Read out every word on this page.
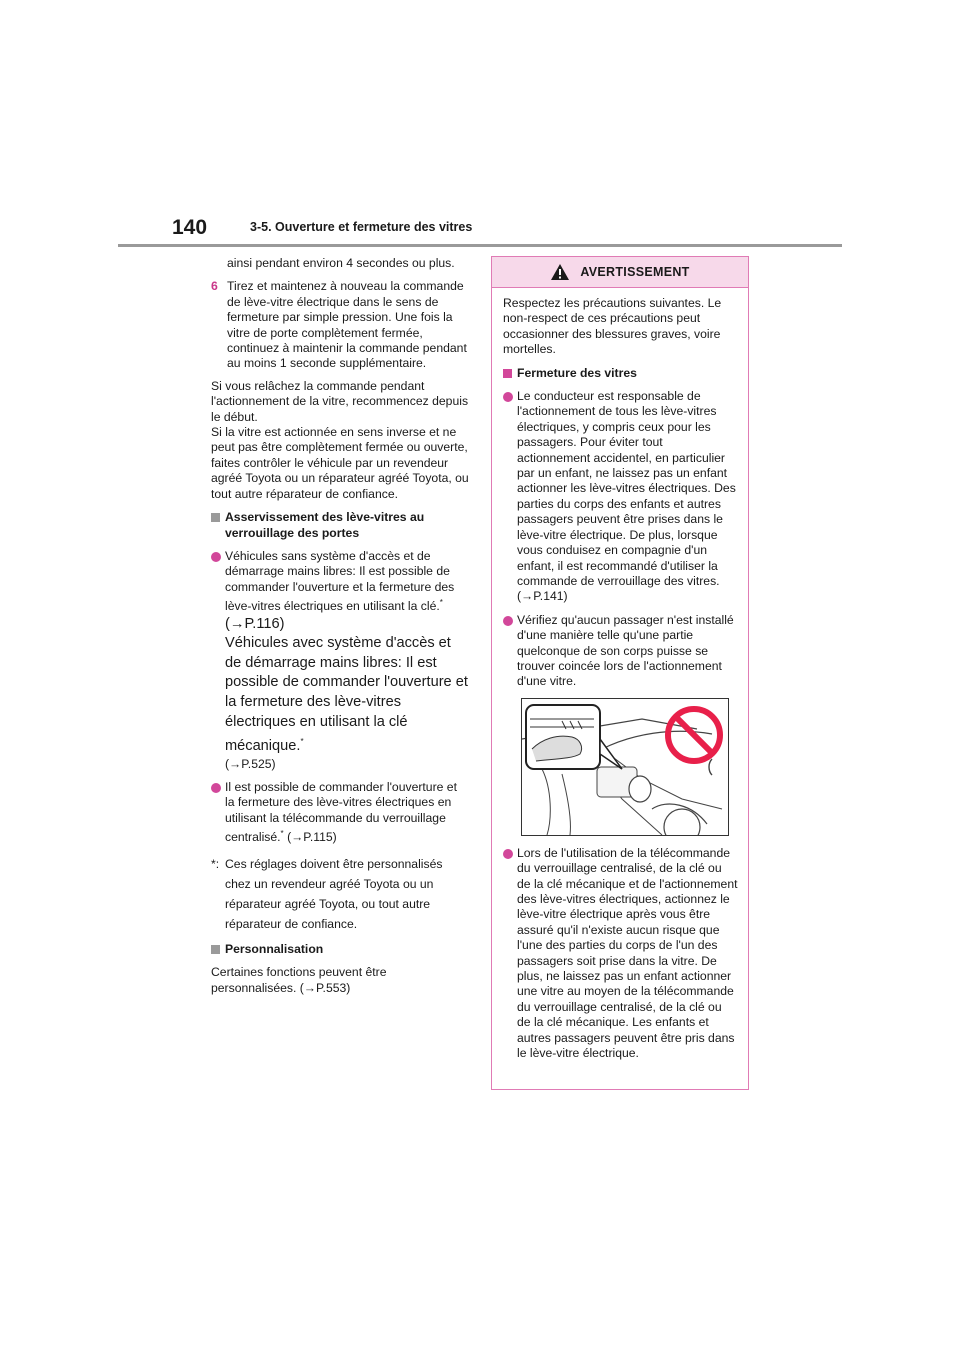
140	3-5. Ouverture et fermeture des vitres

ainsi pendant environ 4 secondes ou plus.

6 Tirez et maintenez à nouveau la commande de lève-vitre électrique dans le sens de fermeture par simple pression. Une fois la vitre de porte complètement fermée, continuez à maintenir la commande pendant au moins 1 seconde supplémentaire.
Si vous relâchez la commande pendant l'actionnement de la vitre, recommencez depuis le début.
Si la vitre est actionnée en sens inverse et ne peut pas être complètement fermée ou ouverte, faites contrôler le véhicule par un revendeur agréé Toyota ou un réparateur agréé Toyota, ou tout autre réparateur de confiance.
Asservissement des lève-vitres au verrouillage des portes
Véhicules sans système d'accès et de démarrage mains libres: Il est possible de commander l'ouverture et la fermeture des lève-vitres électriques en utilisant la clé.*
(→P.116)
Véhicules avec système d'accès et de démarrage mains libres: Il est possible de commander l'ouverture et la fermeture des lève-vitres électriques en utilisant la clé mécanique.*
(→P.525)
Il est possible de commander l'ouverture et la fermeture des lève-vitres électriques en utilisant la télécommande du verrouillage centralisé.* (→P.115)
*: Ces réglages doivent être personnalisés chez un revendeur agréé Toyota ou un réparateur agréé Toyota, ou tout autre réparateur de confiance.
Personnalisation

Certaines fonctions peuvent être personnalisées. (→P.553)

AVERTISSEMENT

Respectez les précautions suivantes. Le non-respect de ces précautions peut occasionner des blessures graves, voire mortelles.

Fermeture des vitres
Le conducteur est responsable de l'actionnement de tous les lève-vitres électriques, y compris ceux pour les passagers. Pour éviter tout actionnement accidentel, en particulier par un enfant, ne laissez pas un enfant actionner les lève-vitres électriques. Des parties du corps des enfants et autres passagers peuvent être prises dans le lève-vitre électrique. De plus, lorsque vous conduisez en compagnie d'un enfant, il est recommandé d'utiliser la commande de verrouillage des vitres.
(→P.141)
Vérifiez qu'aucun passager n'est installé d'une manière telle qu'une partie quelconque de son corps puisse se trouver coincée lors de l'actionnement d'une vitre.
Lors de l'utilisation de la télécommande du verrouillage centralisé, de la clé ou de la clé mécanique et de l'actionnement des lève-vitres électriques, actionnez le lève-vitre électrique après vous être assuré qu'il n'existe aucun risque que l'une des parties du corps de l'un des passagers soit prise dans la vitre. De plus, ne laissez pas un enfant actionner une vitre au moyen de la télécommande du verrouillage centralisé, de la clé ou de la clé mécanique. Les enfants et autres passagers peuvent être pris dans le lève-vitre électrique.
